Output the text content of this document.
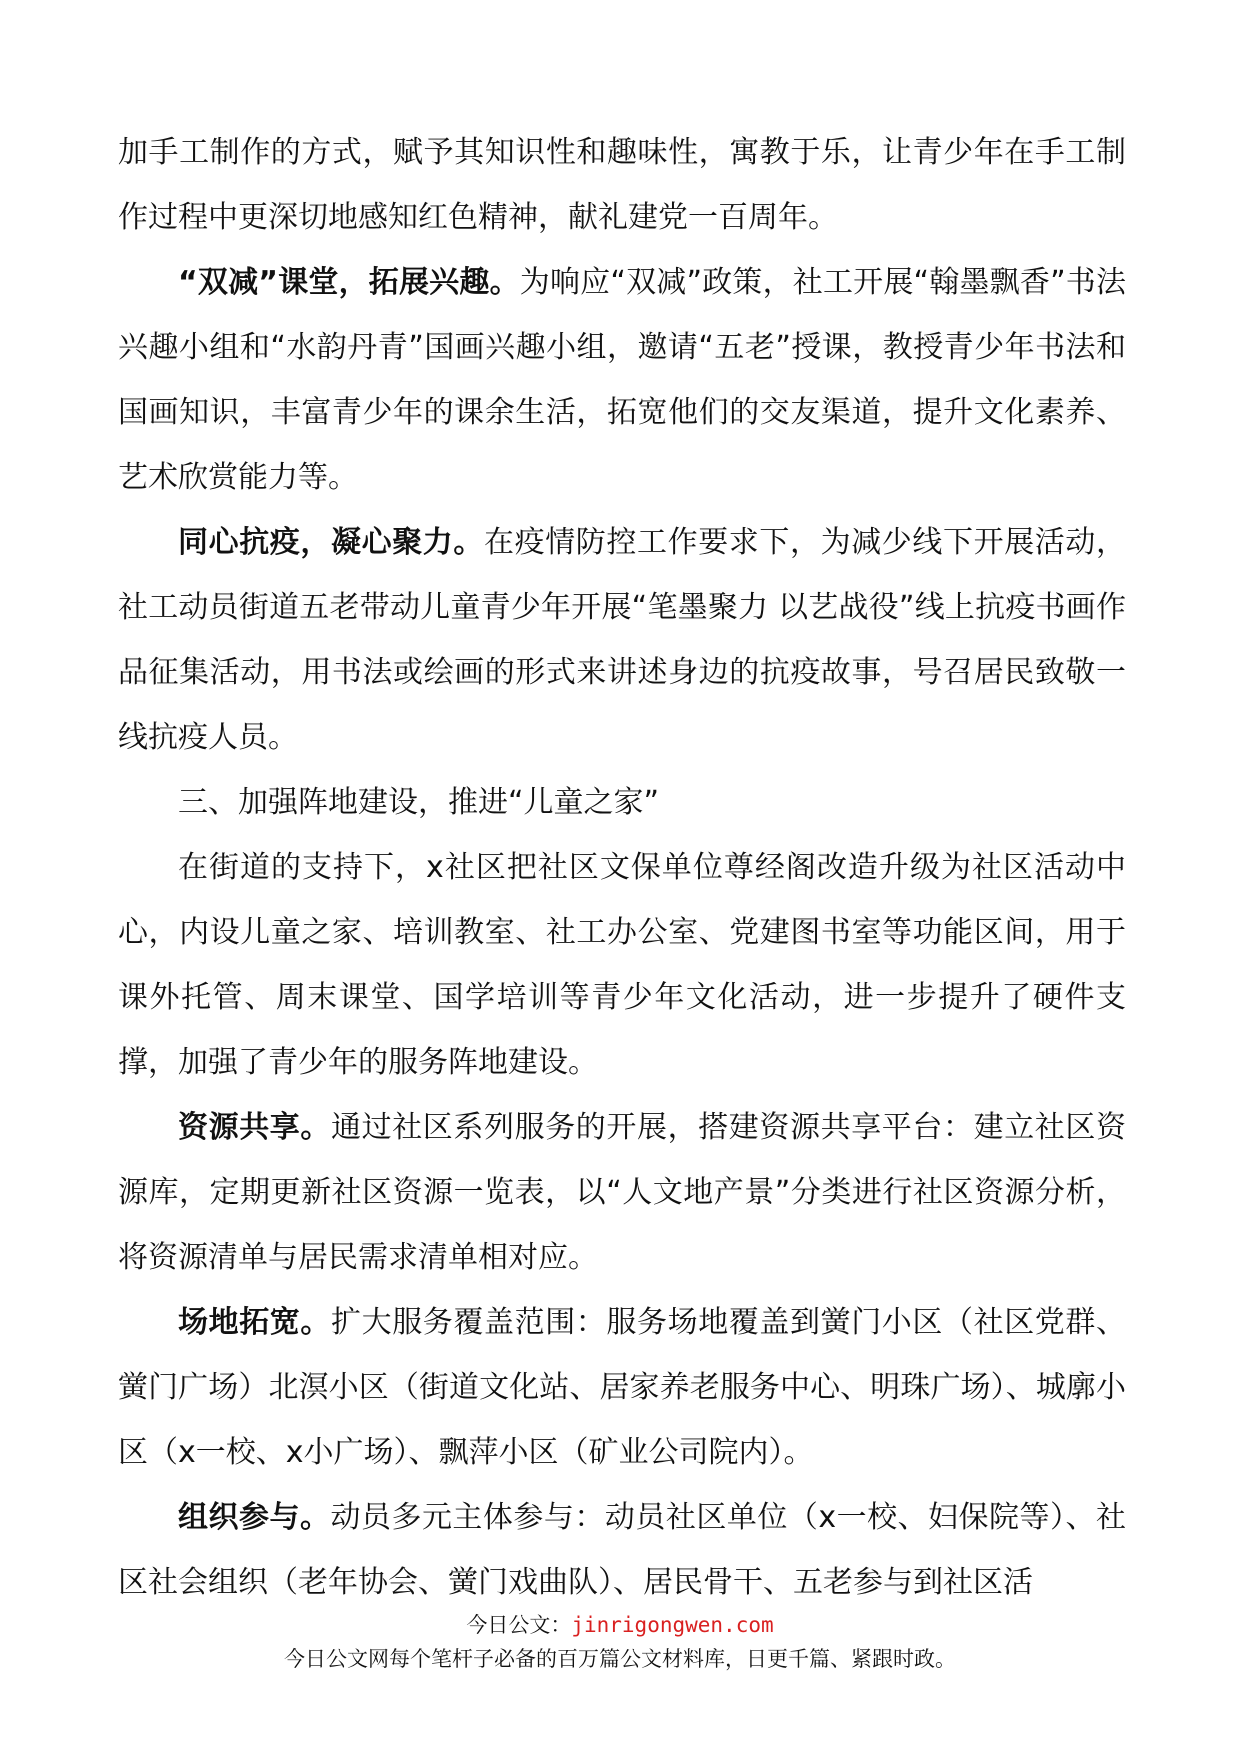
加手工制作的方式，赋予其知识性和趣味性，寓教于乐，让青少年在手工制作过程中更深切地感知红色精神，献礼建党一百周年。

“双减”课堂，拓展兴趣。为响应“双减”政策，社工开展“翰墨飘香”书法兴趣小组和“水韵丹青”国画兴趣小组，邀请“五老”授课，教授青少年书法和国画知识，丰富青少年的课余生活，拓宽他们的交友渠道，提升文化素养、艺术欣赏能力等。

同心抗疫，凝心聚力。在疫情防控工作要求下，为减少线下开展活动，社工动员街道五老带动儿童青少年开展“笔墨聚力 以艺战役”线上抗疫书画作品征集活动，用书法或绘画的形式来讲述身边的抗疫故事，号召居民致敬一线抗疫人员。

三、加强阵地建设，推进“儿童之家”

在街道的支持下，x社区把社区文保单位尊经阁改造升级为社区活动中心，内设儿童之家、培训教室、社工办公室、党建图书室等功能区间，用于课外托管、周末课堂、国学培训等青少年文化活动，进一步提升了硬件支撑，加强了青少年的服务阵地建设。

资源共享。通过社区系列服务的开展，搭建资源共享平台：建立社区资源库，定期更新社区资源一览表，以“人文地产景”分类进行社区资源分析，将资源清单与居民需求清单相对应。

场地拓宽。扩大服务覆盖范围：服务场地覆盖到黉门小区（社区党群、黉门广场）北溟小区（街道文化站、居家养老服务中心、明珠广场）、城廓小区（x一校、x小广场）、飘萍小区（矿业公司院内）。

组织参与。动员多元主体参与：动员社区单位（x一校、妇保院等）、社区社会组织（老年协会、黉门戏曲队）、居民骨干、五老参与到社区活

今日公文：jinrigongwen.com
今日公文网每个笔杆子必备的百万篇公文材料库，日更千篇、紧跟时政。
